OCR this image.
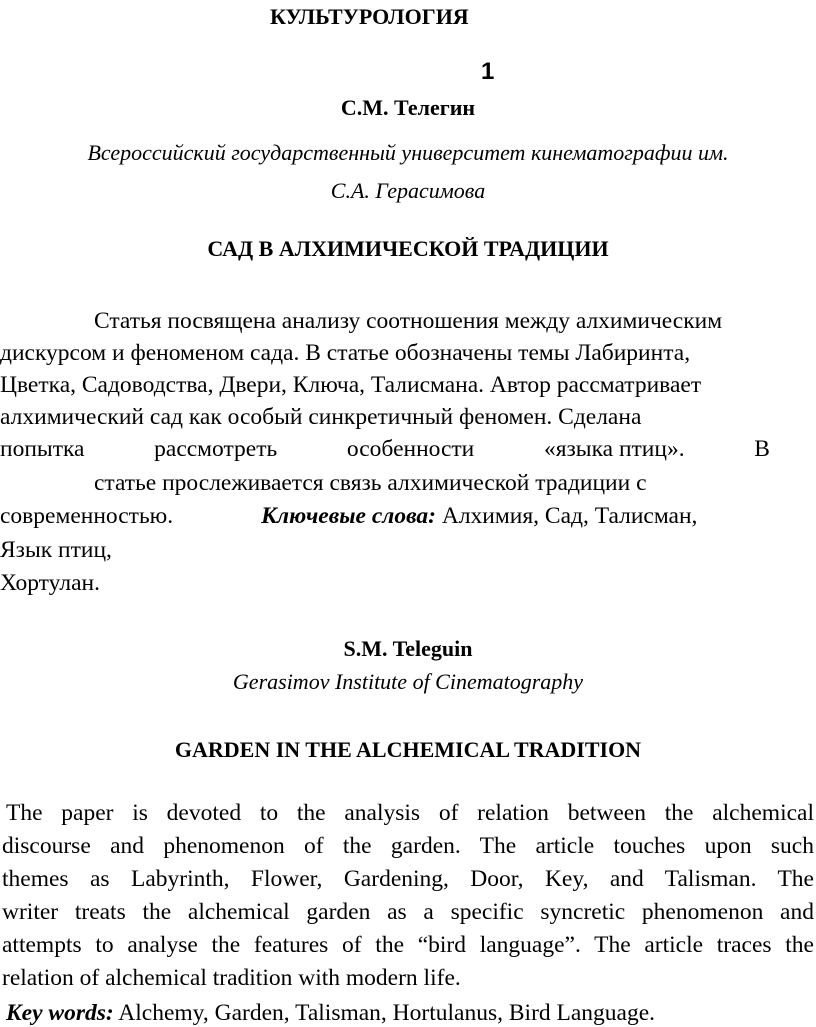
КУЛЬТУРОЛОГИЯ
1
С.М. Телегин
Всероссийский государственный университет кинематографии им.
С.А. Герасимова
САД В АЛХИМИЧЕСКОЙ ТРАДИЦИИ
Статья посвящена анализу соотношения между алхимическим
дискурсом и феноменом сада. В статье обозначены темы Лабиринта,
Цветка, Садоводства, Двери, Ключа, Талисмана. Автор рассматривает
алхимический сад как особый синкретичный феномен. Сделана
попытка	рассмотреть	особенности	«языка птиц».	В
статье прослеживается связь алхимической традиции с
современностью.	Ключевые слова: Алхимия, Сад, Талисман,
Язык птиц,
Хортулан.
S.M. Teleguin
Gerasimov Institute of Cinematography
GARDEN IN THE ALCHEMICAL TRADITION
The paper is devoted to the analysis of relation between the alchemical
discourse and phenomenon of the garden. The article touches upon such
themes as Labyrinth, Flower, Gardening, Door, Key, and Talisman. The
writer treats the alchemical garden as a specific syncretic phenomenon and
attempts to analyse the features of the “bird language”. The article traces the
relation of alchemical tradition with modern life.
Key words: Alchemy, Garden, Talisman, Hortulanus, Bird Language.
